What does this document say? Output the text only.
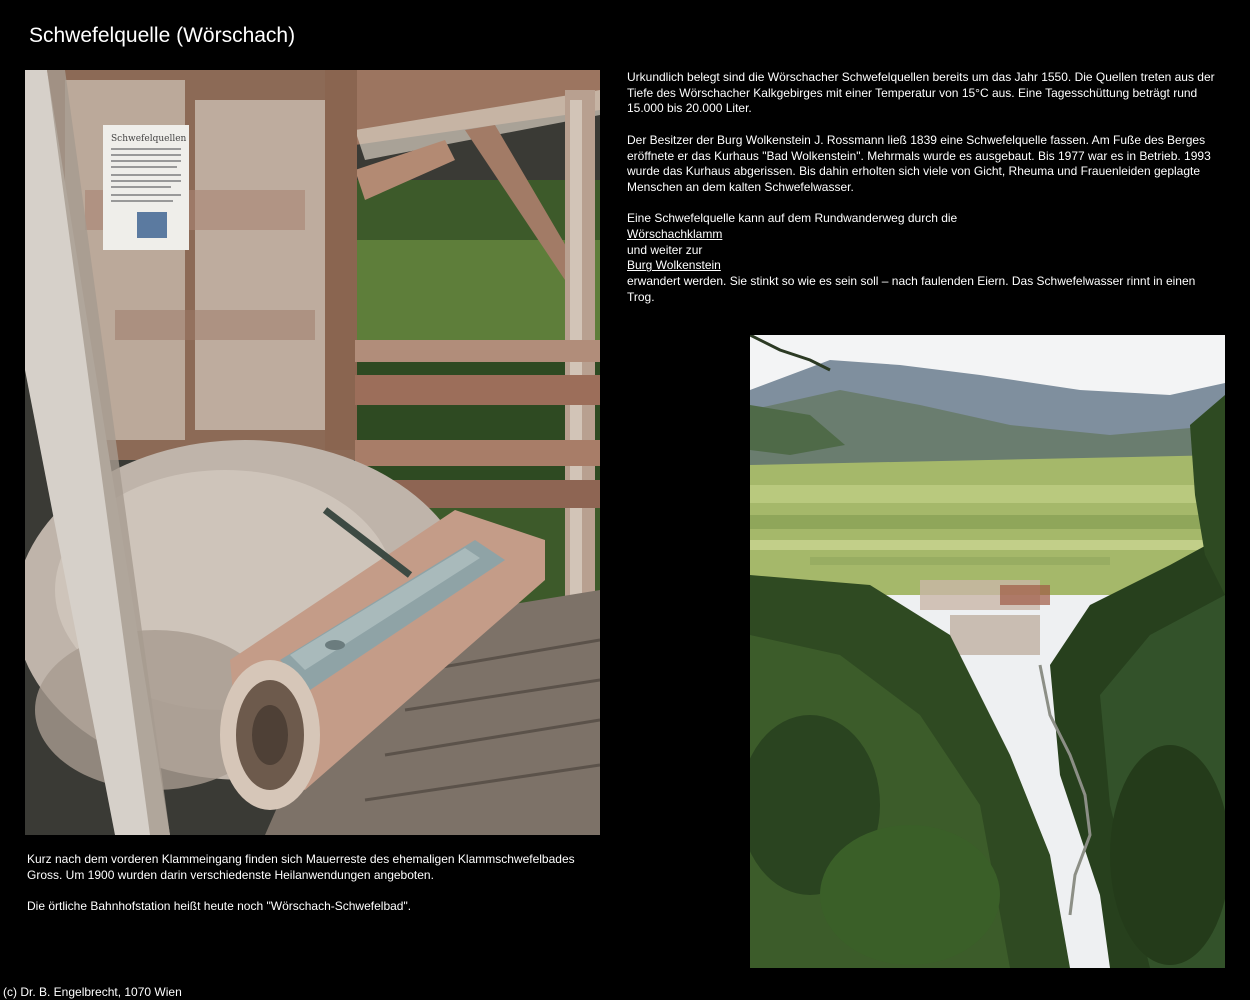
Schwefelquelle (Wörschach)
Schwefelquellen

Urkundlich belegt sind die Wörschacher Schwefelquellen bereits um das Jahr 1550. Die Quellen treten aus der Tiefe des Wörschacher Kalkgebirges mit einer Temperatur von 15°C aus. Eine Tagesschüttung beträgt rund 15.000 bis 20.000 Liter.

Der Besitzer der Burg Wolkenstein J. Rossmann ließ 1839 eine Schwefelquelle fassen. Am Fuße des Berges eröffnete er das Kurhaus "Bad Wolkenstein". Mehrmals wurde es ausgebaut. Bis 1977 war es in Betrieb. 1993 wurde das Kurhaus abgerissen. Bis dahin erholten sich viele von Gicht, Rheuma und Frauenleiden geplagte Menschen an dem kalten Schwefelwasser.

Eine Schwefelquelle kann auf dem Rundwanderweg durch die
Wörschachklamm
und weiter zur
Burg Wolkenstein
erwandert werden. Sie stinkt so wie es sein soll – nach faulenden Eiern. Das Schwefelwasser rinnt in einen Trog.

Kurz nach dem vorderen Klammeingang finden sich Mauerreste des ehemaligen Klammschwefelbades Gross. Um 1900 wurden darin verschiedenste Heilanwendungen angeboten.

Die örtliche Bahnhofstation heißt heute noch "Wörschach-Schwefelbad".

(c) Dr. B. Engelbrecht, 1070 Wien
